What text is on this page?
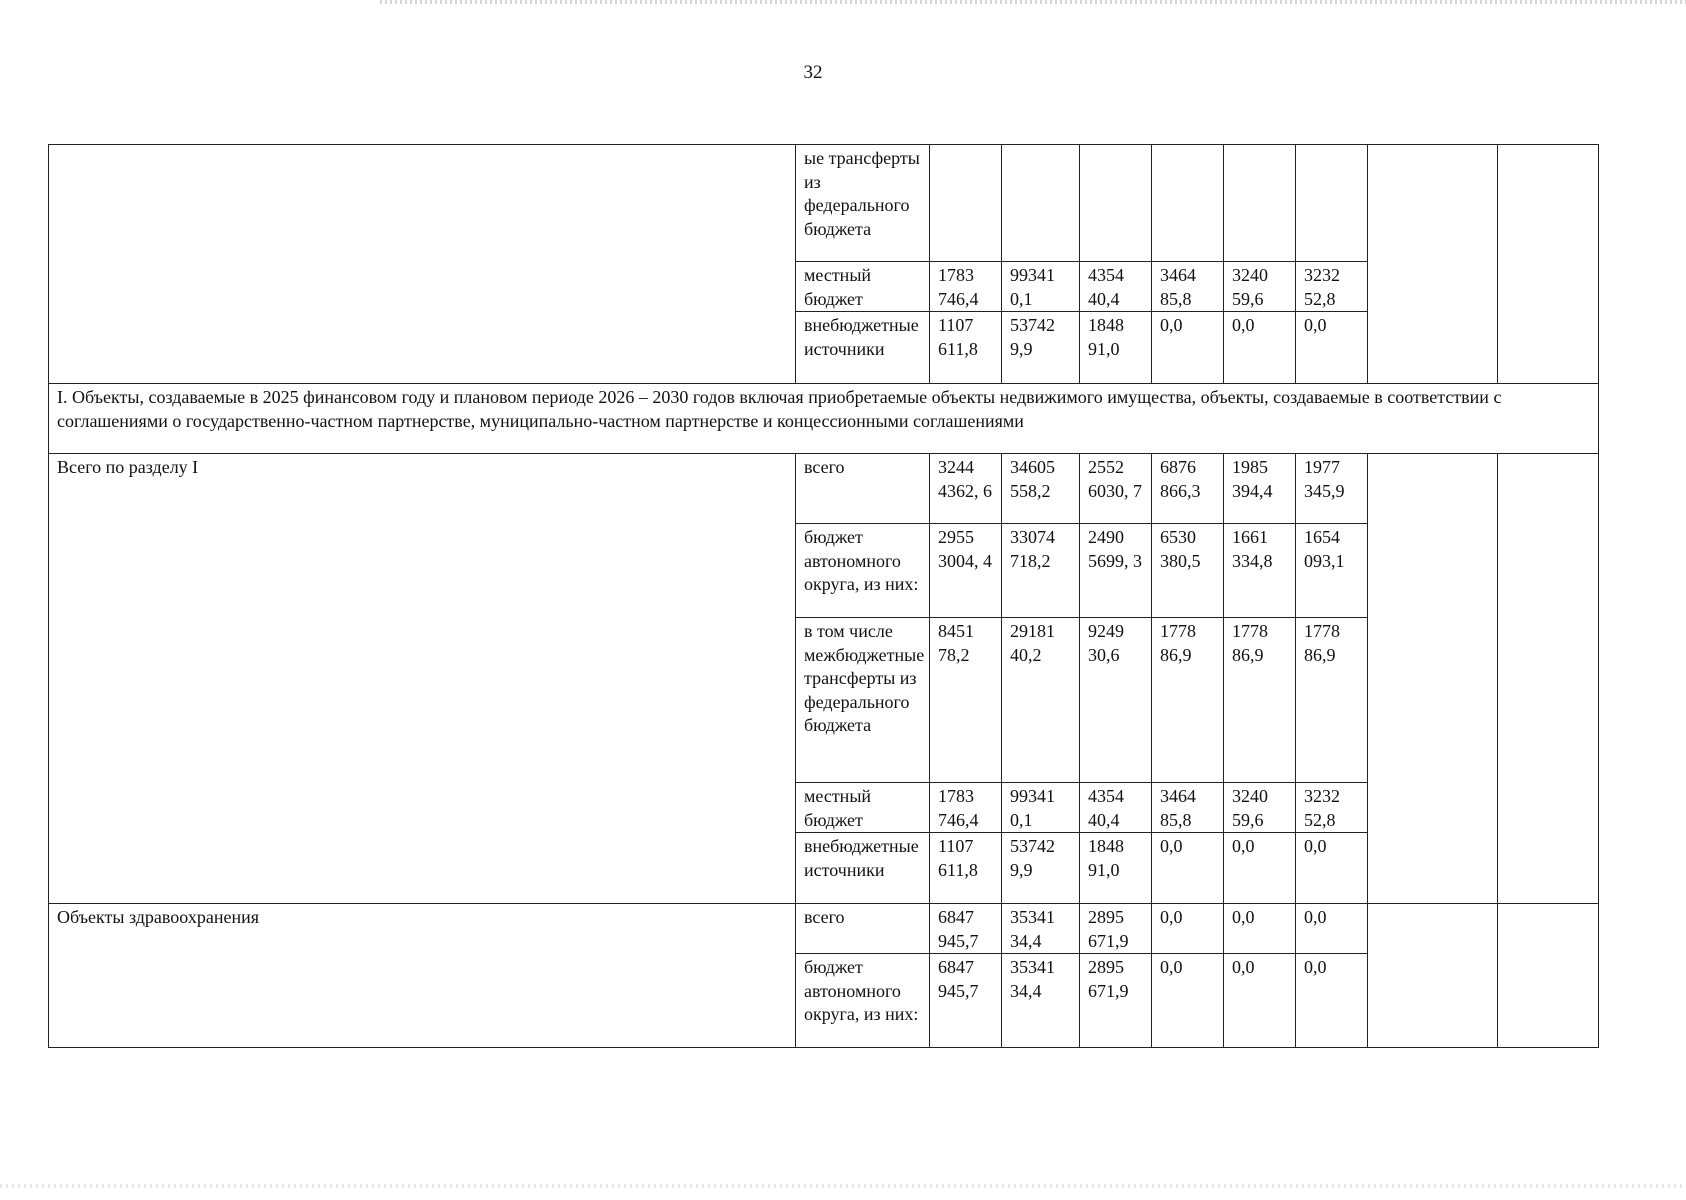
32
	ые трансферты из федерального бюджета								
	местный бюджет	1783 746,4	99341 0,1	4354 40,4	3464 85,8	3240 59,6	3232 52,8		
	внебюджетные источники	1107 611,8	53742 9,9	1848 91,0	0,0	0,0	0,0		
I. Объекты, создаваемые в 2025 финансовом году и плановом периоде 2026 – 2030 годов включая приобретаемые объекты недвижимого имущества, объекты, создаваемые в соответствии с соглашениями о государственно-частном партнерстве, муниципально-частном партнерстве и концессионными соглашениями									
Всего по разделу I	всего	3244 4362, 6	34605 558,2	2552 6030, 7	6876 866,3	1985 394,4	1977 345,9		
	бюджет автономного округа, из них:	2955 3004, 4	33074 718,2	2490 5699, 3	6530 380,5	1661 334,8	1654 093,1		
	в том числе межбюджетные трансферты из федерального бюджета	8451 78,2	29181 40,2	9249 30,6	1778 86,9	1778 86,9	1778 86,9		
	местный бюджет	1783 746,4	99341 0,1	4354 40,4	3464 85,8	3240 59,6	3232 52,8		
	внебюджетные источники	1107 611,8	53742 9,9	1848 91,0	0,0	0,0	0,0		
Объекты здравоохранения	всего	6847 945,7	35341 34,4	2895 671,9	0,0	0,0	0,0		
	бюджет автономного округа, из них:	6847 945,7	35341 34,4	2895 671,9	0,0	0,0	0,0		
